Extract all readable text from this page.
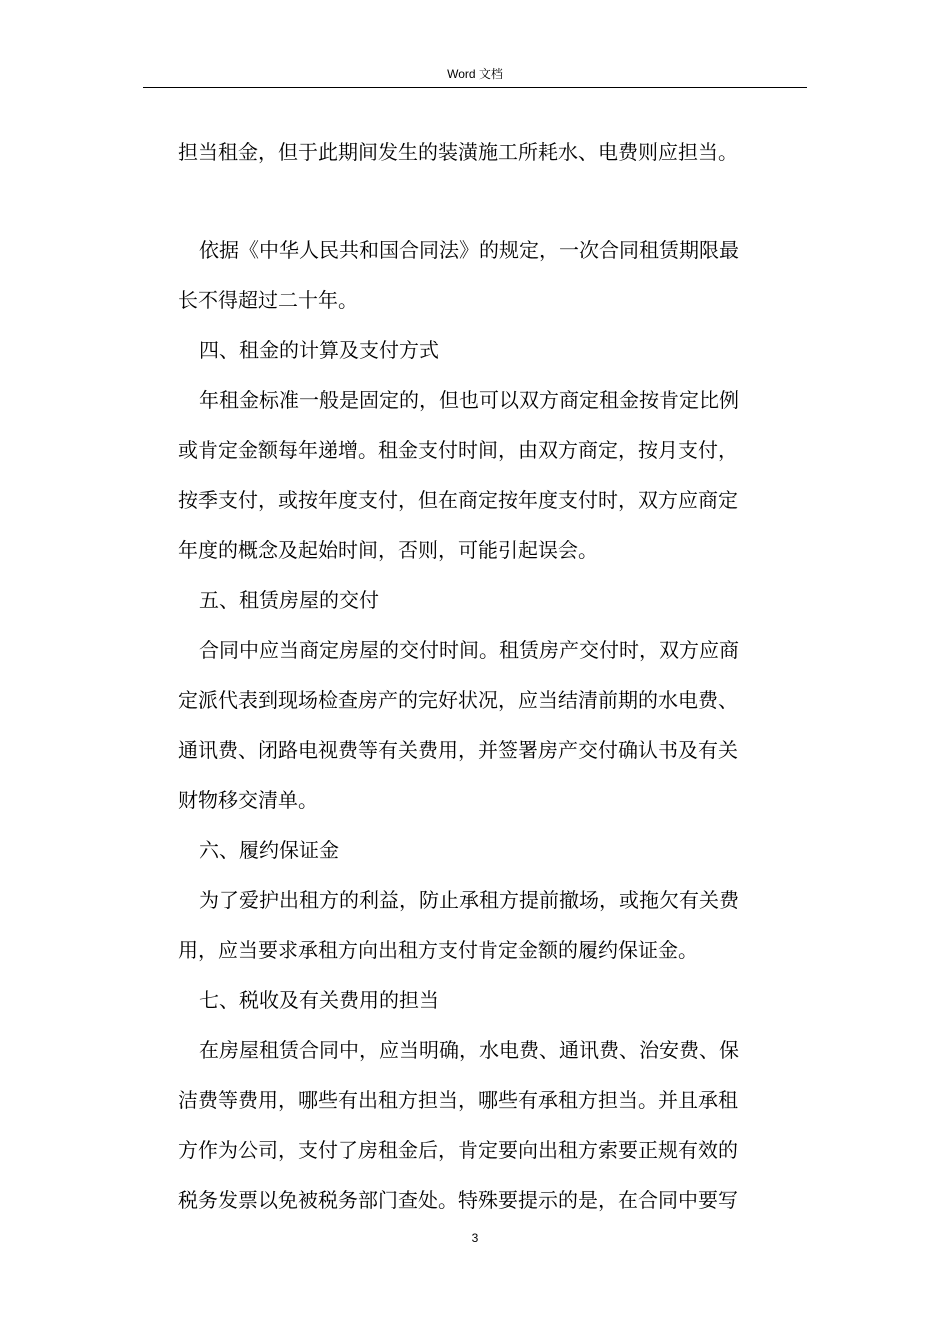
Word 文档
担当租金，但于此期间发生的装潢施工所耗水、电费则应担当。
依据《中华人民共和国合同法》的规定，一次合同租赁期限最
长不得超过二十年。
四、租金的计算及支付方式
年租金标准一般是固定的，但也可以双方商定租金按肯定比例
或肯定金额每年递增。租金支付时间，由双方商定，按月支付，
按季支付，或按年度支付，但在商定按年度支付时，双方应商定
年度的概念及起始时间，否则，可能引起误会。
五、租赁房屋的交付
合同中应当商定房屋的交付时间。租赁房产交付时，双方应商
定派代表到现场检查房产的完好状况，应当结清前期的水电费、
通讯费、闭路电视费等有关费用，并签署房产交付确认书及有关
财物移交清单。
六、履约保证金
为了爱护出租方的利益，防止承租方提前撤场，或拖欠有关费
用，应当要求承租方向出租方支付肯定金额的履约保证金。
七、税收及有关费用的担当
在房屋租赁合同中，应当明确，水电费、通讯费、治安费、保
洁费等费用，哪些有出租方担当，哪些有承租方担当。并且承租
方作为公司，支付了房租金后，肯定要向出租方索要正规有效的
税务发票以免被税务部门查处。特殊要提示的是，在合同中要写
3
